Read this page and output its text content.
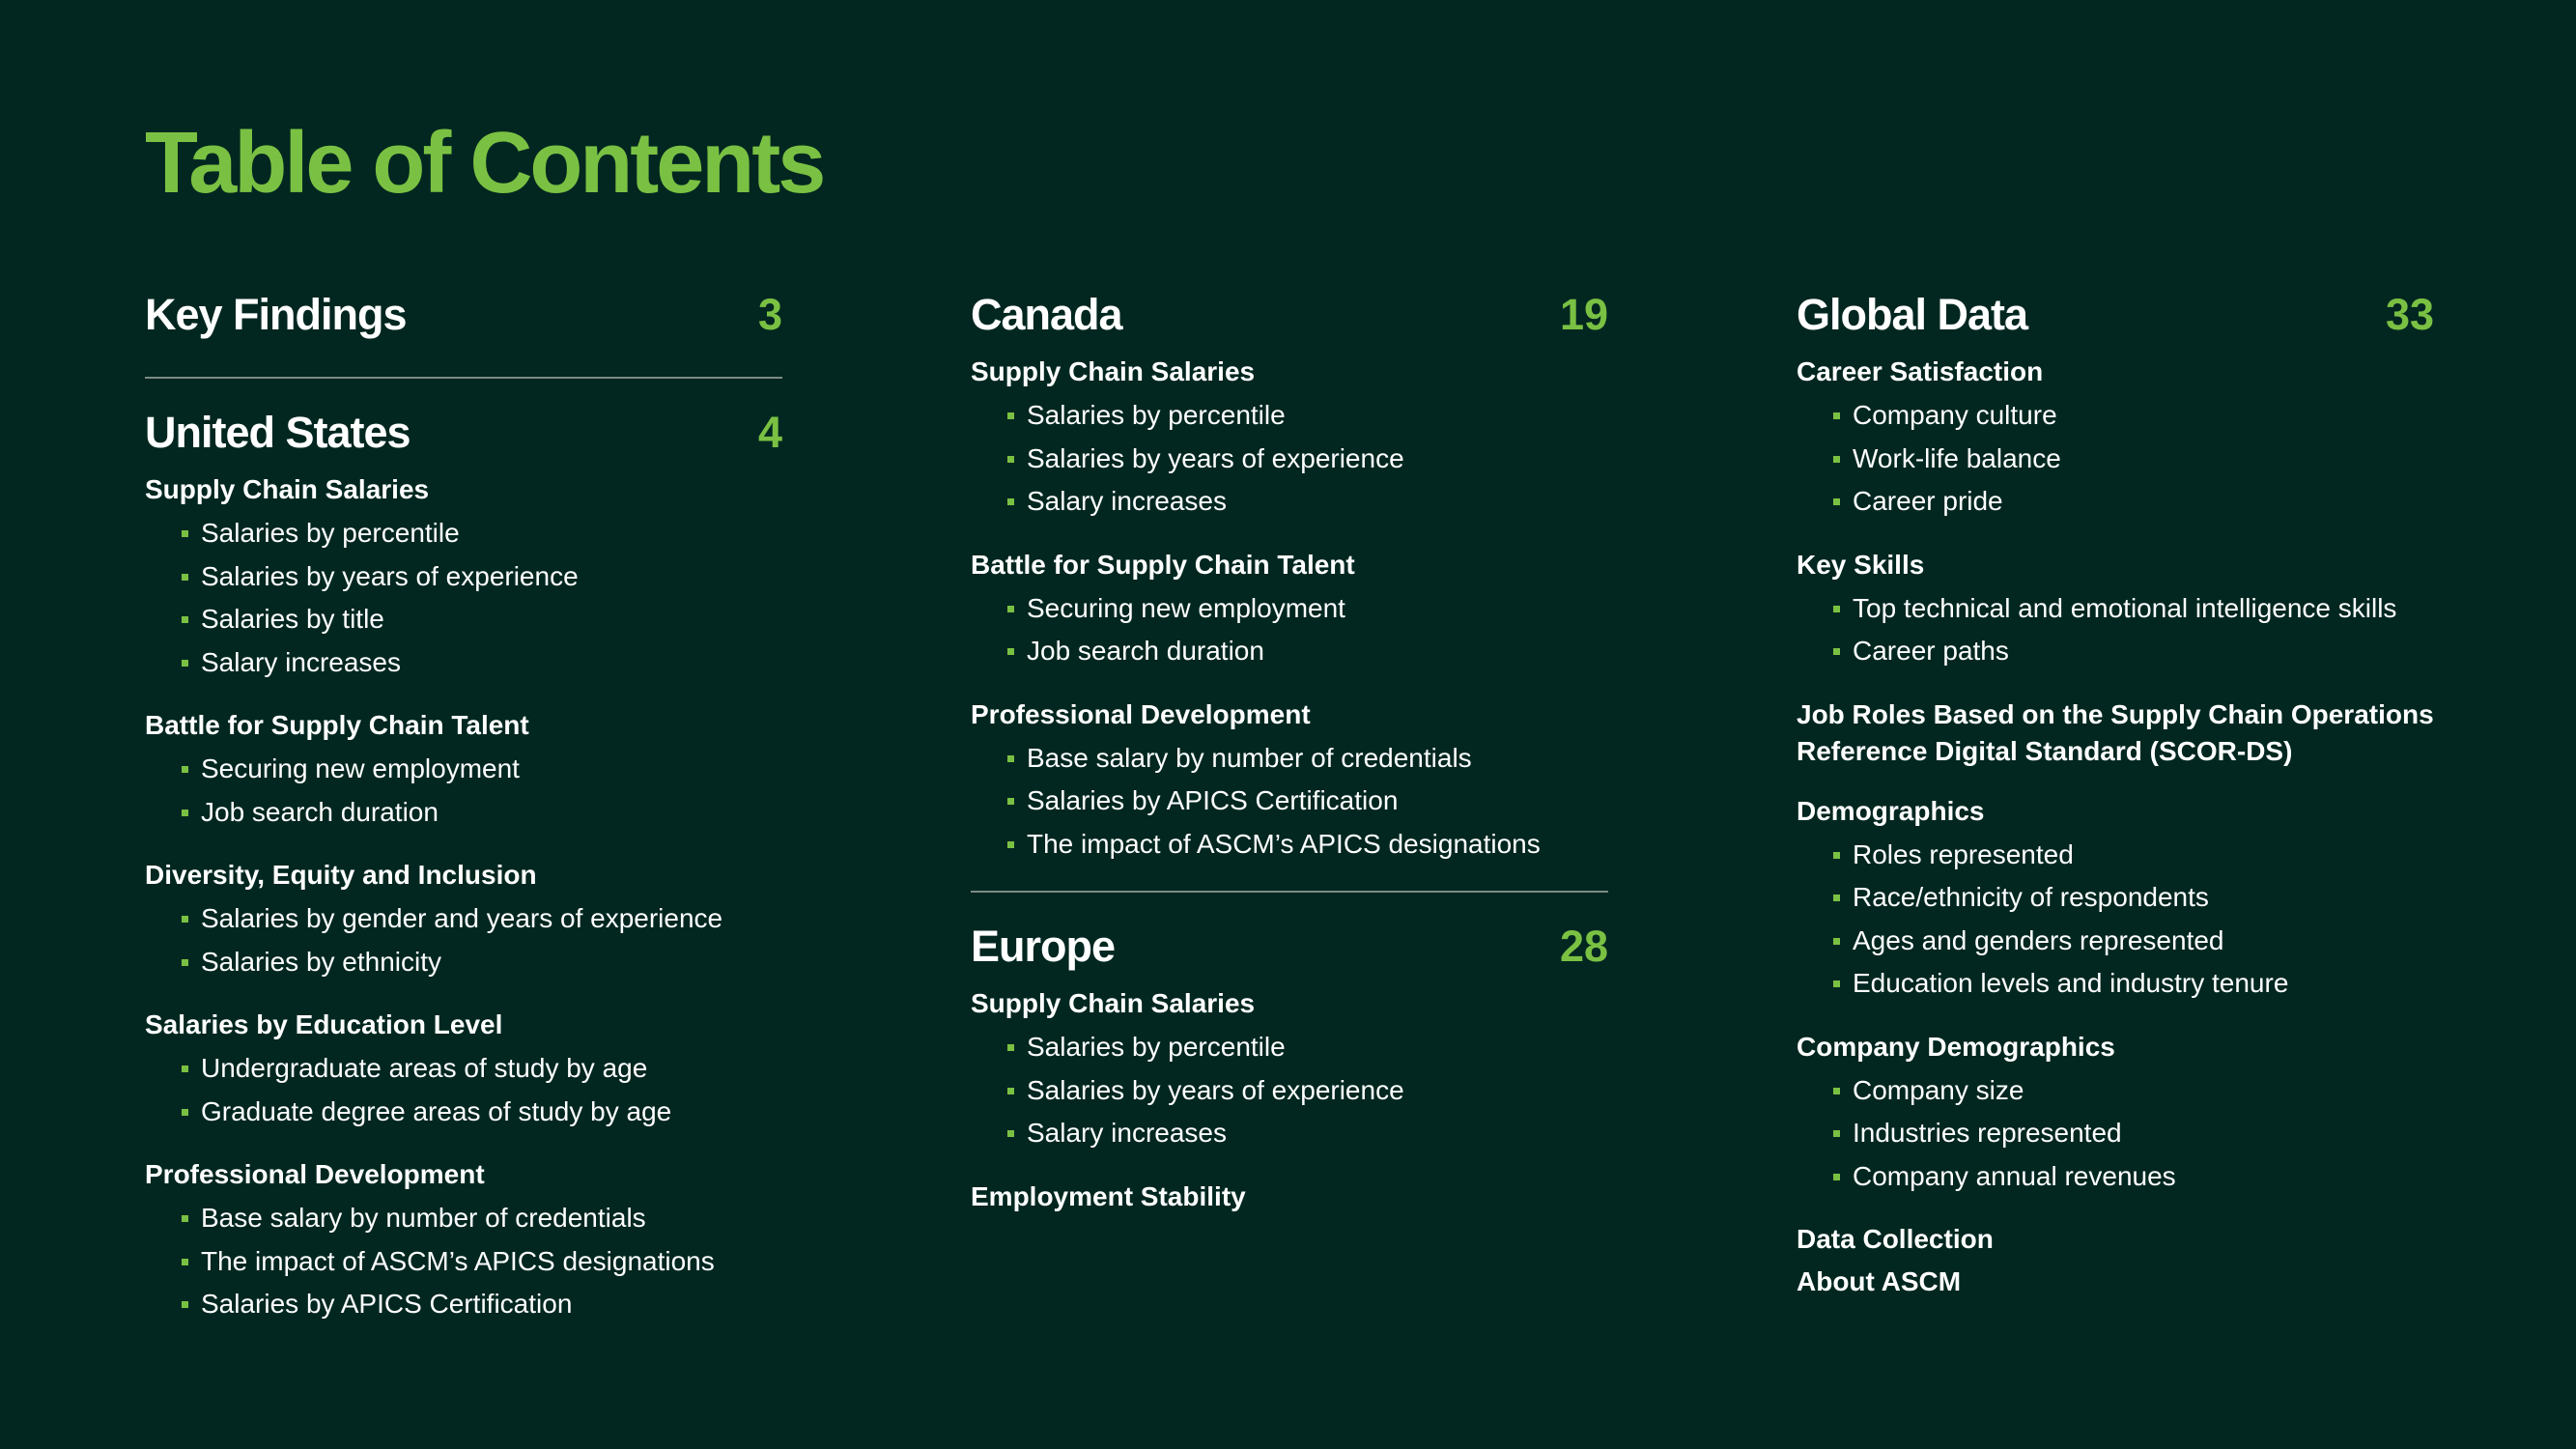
Table of Contents
Key Findings	3
United States	4
Supply Chain Salaries
Salaries by percentile
Salaries by years of experience
Salaries by title
Salary increases
Battle for Supply Chain Talent
Securing new employment
Job search duration
Diversity, Equity and Inclusion
Salaries by gender and years of experience
Salaries by ethnicity
Salaries by Education Level
Undergraduate areas of study by age
Graduate degree areas of study by age
Professional Development
Base salary by number of credentials
The impact of ASCM’s APICS designations
Salaries by APICS Certification
Canada	19
Supply Chain Salaries
Salaries by percentile
Salaries by years of experience
Salary increases
Battle for Supply Chain Talent
Securing new employment
Job search duration
Professional Development
Base salary by number of credentials
Salaries by APICS Certification
The impact of ASCM’s APICS designations
Europe	28
Supply Chain Salaries
Salaries by percentile
Salaries by years of experience
Salary increases
Employment Stability
Global Data	33
Career Satisfaction
Company culture
Work-life balance
Career pride
Key Skills
Top technical and emotional intelligence skills
Career paths
Job Roles Based on the Supply Chain Operations Reference Digital Standard (SCOR-DS)
Demographics
Roles represented
Race/ethnicity of respondents
Ages and genders represented
Education levels and industry tenure
Company Demographics
Company size
Industries represented
Company annual revenues
Data Collection
About ASCM
